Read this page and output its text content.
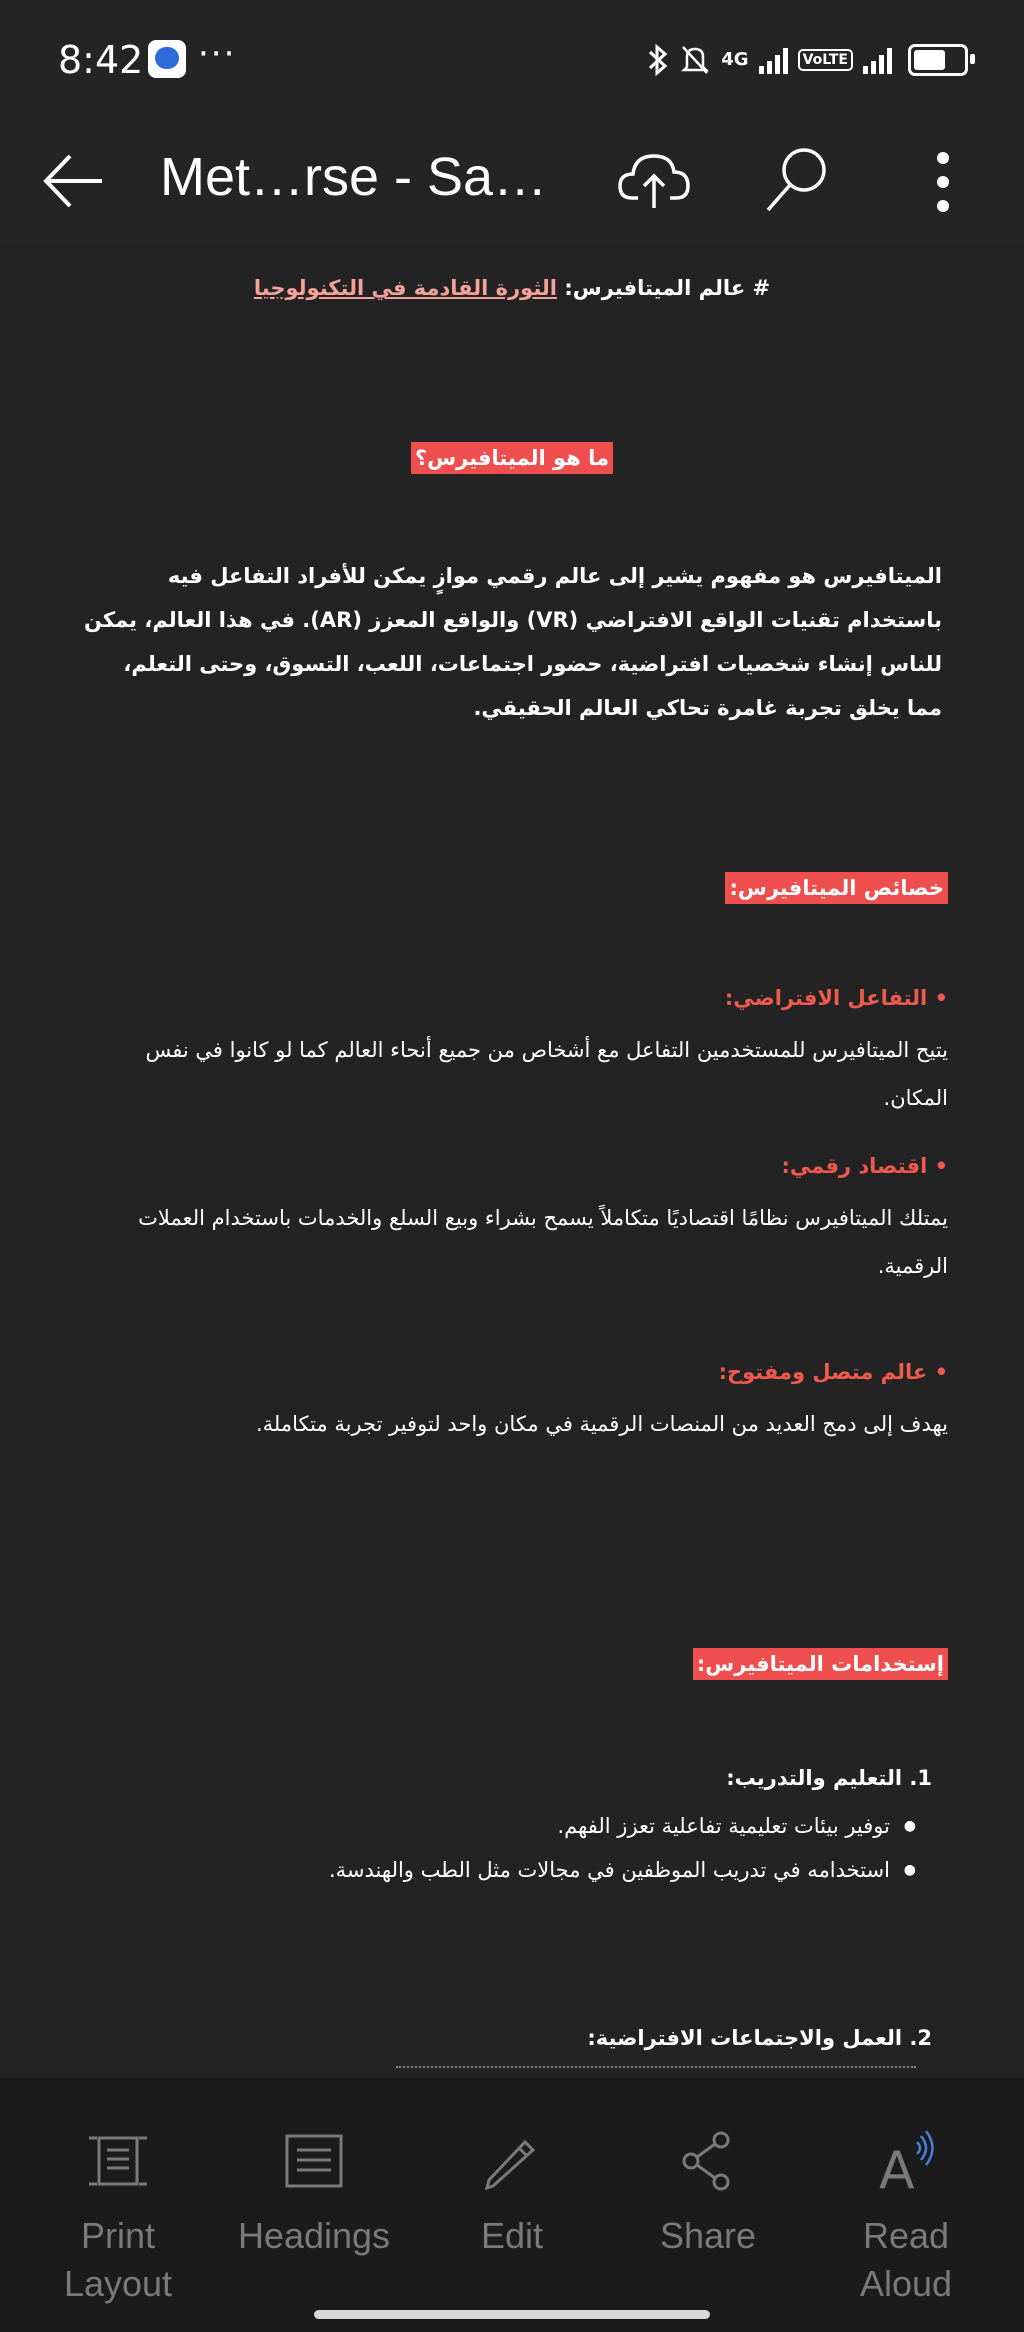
8:42 ···	4G	VoLTE
Met…rse - Sa…
# عالم الميتافيرس: الثورة القادمة في التكنولوجيا
ما هو الميتافيرس؟
الميتافيرس هو مفهوم يشير إلى عالم رقمي موازٍ يمكن للأفراد التفاعل فيه باستخدام تقنيات الواقع الافتراضي (VR) والواقع المعزز (AR). في هذا العالم، يمكن للناس إنشاء شخصيات افتراضية، حضور اجتماعات، اللعب، التسوق، وحتى التعلم، مما يخلق تجربة غامرة تحاكي العالم الحقيقي.
خصائص الميتافيرس:
• التفاعل الافتراضي:
يتيح الميتافيرس للمستخدمين التفاعل مع أشخاص من جميع أنحاء العالم كما لو كانوا في نفس المكان.
• اقتصاد رقمي:
يمتلك الميتافيرس نظامًا اقتصاديًا متكاملاً يسمح بشراء وبيع السلع والخدمات باستخدام العملات الرقمية.
• عالم متصل ومفتوح:
يهدف إلى دمج العديد من المنصات الرقمية في مكان واحد لتوفير تجربة متكاملة.
إستخدامات الميتافيرس:
1. التعليم والتدريب:
● توفير بيئات تعليمية تفاعلية تعزز الفهم.
● استخدامه في تدريب الموظفين في مجالات مثل الطب والهندسة.
2. العمل والاجتماعات الافتراضية:
Print Layout
Headings	Edit	Share
A
Read Aloud
